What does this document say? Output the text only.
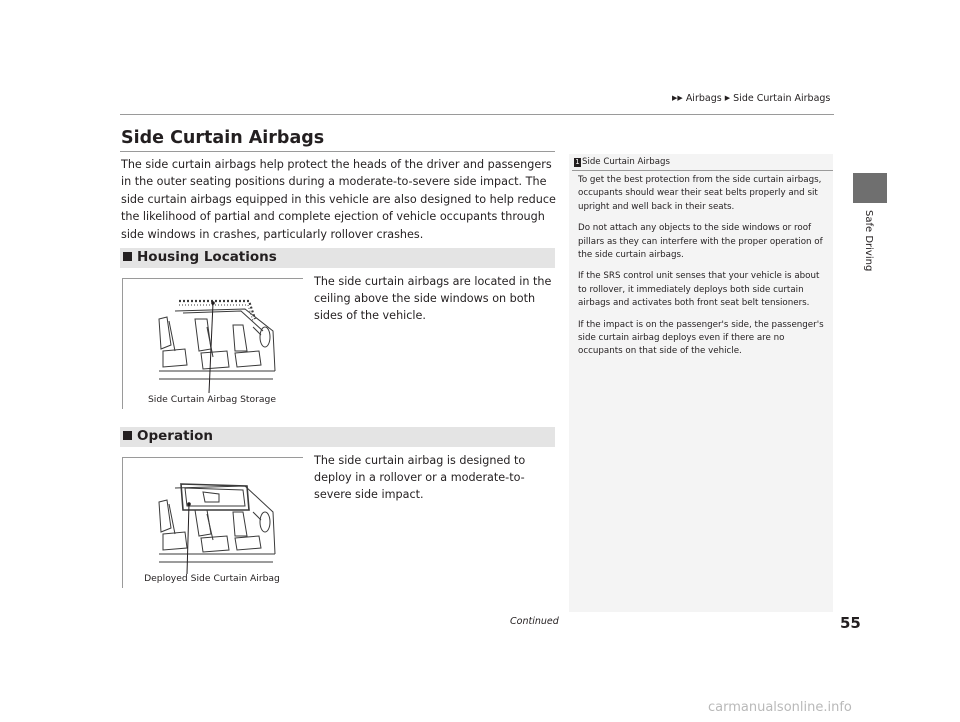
▶▶ Airbags ▶ Side Curtain Airbags
Safe Driving
Side Curtain Airbags
The side curtain airbags help protect the heads of the driver and passengers in the outer seating positions during a moderate-to-severe side impact. The side curtain airbags equipped in this vehicle are also designed to help reduce the likelihood of partial and complete ejection of vehicle occupants through side windows in crashes, particularly rollover crashes.
Housing Locations
The side curtain airbags are located in the ceiling above the side windows on both sides of the vehicle.
Side Curtain Airbag Storage
Operation
The side curtain airbag is designed to deploy in a rollover or a moderate-to-severe side impact.
Deployed Side Curtain Airbag
1 Side Curtain Airbags

To get the best protection from the side curtain airbags, occupants should wear their seat belts properly and sit upright and well back in their seats.

Do not attach any objects to the side windows or roof pillars as they can interfere with the proper operation of the side curtain airbags.

If the SRS control unit senses that your vehicle is about to rollover, it immediately deploys both side curtain airbags and activates both front seat belt tensioners.

If the impact is on the passenger's side, the passenger's side curtain airbag deploys even if there are no occupants on that side of the vehicle.

Continued	55
carmanualsonline.info
